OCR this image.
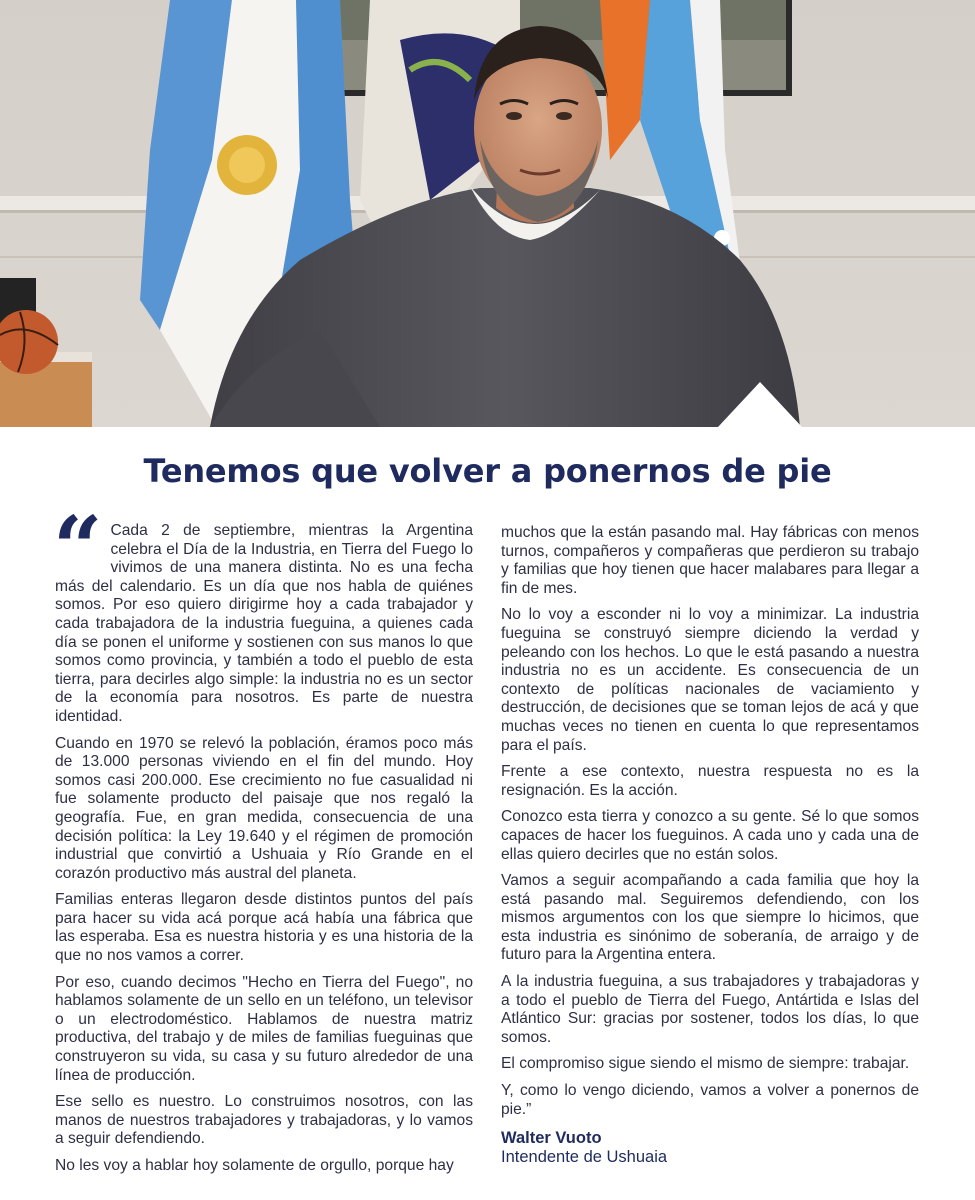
Tenemos que volver a ponernos de pie
“ Cada 2 de septiembre, mientras la Argentina celebra el Día de la Industria, en Tierra del Fuego lo vivimos de una manera distinta. No es una fecha más del calendario. Es un día que nos habla de quiénes somos. Por eso quiero dirigirme hoy a cada trabajador y cada trabajadora de la industria fueguina, a quienes cada día se ponen el uniforme y sostienen con sus manos lo que somos como provincia, y también a todo el pueblo de esta tierra, para decirles algo simple: la industria no es un sector de la economía para nosotros. Es parte de nuestra identidad.

Cuando en 1970 se relevó la población, éramos poco más de 13.000 personas viviendo en el fin del mundo. Hoy somos casi 200.000. Ese crecimiento no fue casualidad ni fue solamente producto del paisaje que nos regaló la geografía. Fue, en gran medida, consecuencia de una decisión política: la Ley 19.640 y el régimen de promoción industrial que convirtió a Ushuaia y Río Grande en el corazón productivo más austral del planeta.

Familias enteras llegaron desde distintos puntos del país para hacer su vida acá porque acá había una fábrica que las esperaba. Esa es nuestra historia y es una historia de la que no nos vamos a correr.

Por eso, cuando decimos "Hecho en Tierra del Fuego", no hablamos solamente de un sello en un teléfono, un televisor o un electrodoméstico. Hablamos de nuestra matriz productiva, del trabajo y de miles de familias fueguinas que construyeron su vida, su casa y su futuro alrededor de una línea de producción.

Ese sello es nuestro. Lo construimos nosotros, con las manos de nuestros trabajadores y trabajadoras, y lo vamos a seguir defendiendo.

No les voy a hablar hoy solamente de orgullo, porque hay

muchos que la están pasando mal. Hay fábricas con menos turnos, compañeros y compañeras que perdieron su trabajo y familias que hoy tienen que hacer malabares para llegar a fin de mes.

No lo voy a esconder ni lo voy a minimizar. La industria fueguina se construyó siempre diciendo la verdad y peleando con los hechos. Lo que le está pasando a nuestra industria no es un accidente. Es consecuencia de un contexto de políticas nacionales de vaciamiento y destrucción, de decisiones que se toman lejos de acá y que muchas veces no tienen en cuenta lo que representamos para el país.

Frente a ese contexto, nuestra respuesta no es la resignación. Es la acción.

Conozco esta tierra y conozco a su gente. Sé lo que somos capaces de hacer los fueguinos. A cada uno y cada una de ellas quiero decirles que no están solos.

Vamos a seguir acompañando a cada familia que hoy la está pasando mal. Seguiremos defendiendo, con los mismos argumentos con los que siempre lo hicimos, que esta industria es sinónimo de soberanía, de arraigo y de futuro para la Argentina entera.

A la industria fueguina, a sus trabajadores y trabajadoras y a todo el pueblo de Tierra del Fuego, Antártida e Islas del Atlántico Sur: gracias por sostener, todos los días, lo que somos.

El compromiso sigue siendo el mismo de siempre: trabajar.

Y, como lo vengo diciendo, vamos a volver a ponernos de pie.”

Walter Vuoto
Intendente de Ushuaia
